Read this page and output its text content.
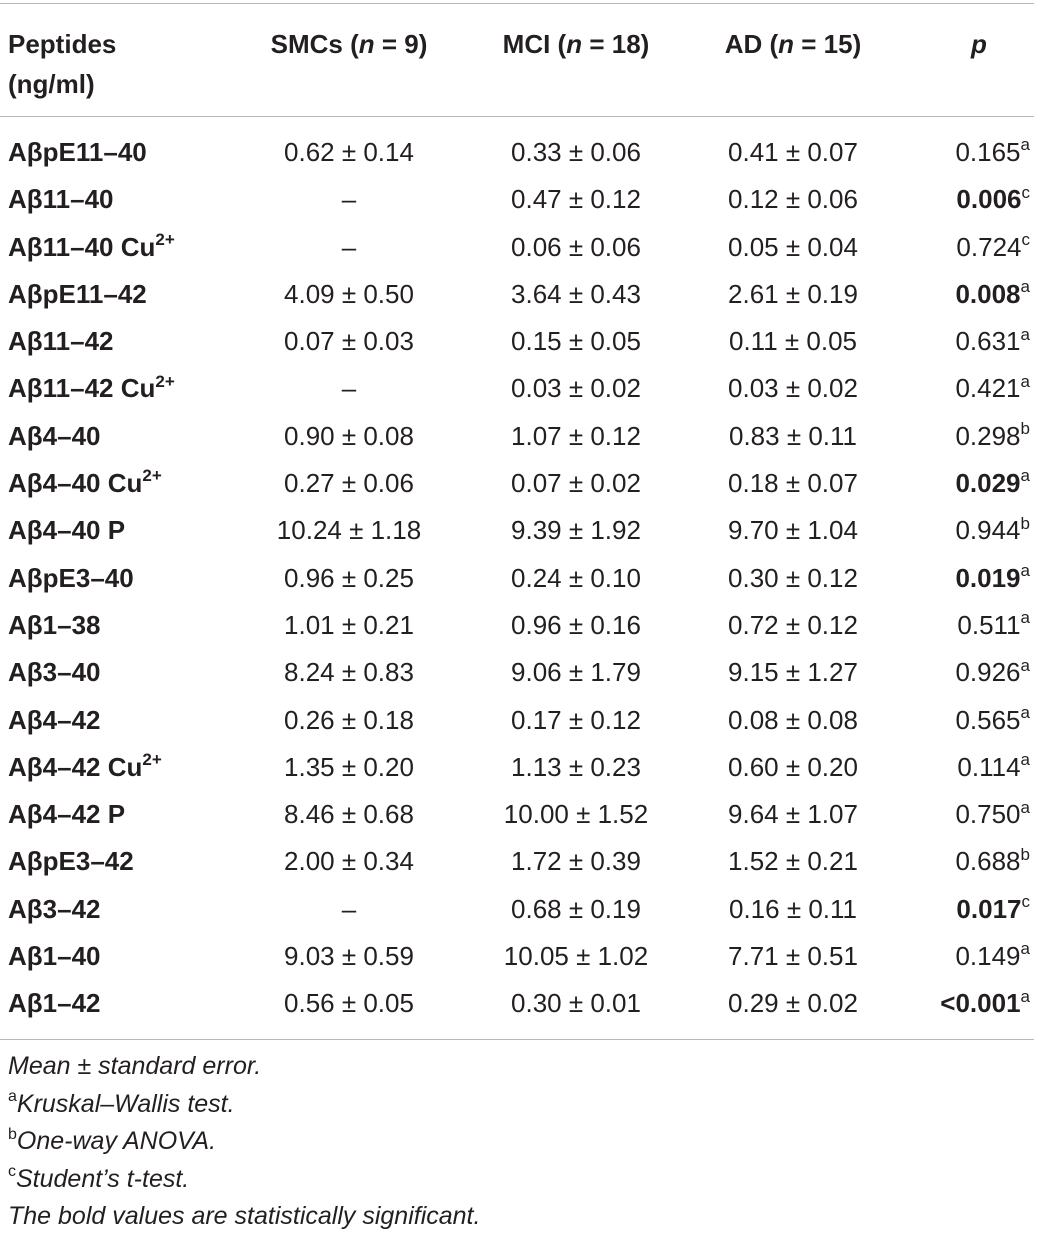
Peptides
(ng/ml)
SMCs (n = 9)	MCI (n = 18)	AD (n = 15)	p
AβpE11–40	0.62 ± 0.14	0.33 ± 0.06	0.41 ± 0.07	0.165$^a$
Aβ11–40	–	0.47 ± 0.12	0.12 ± 0.06	0.006$^c$
Aβ11–40 $Cu^{2+}$	–	0.06 ± 0.06	0.05 ± 0.04	0.724$^c$
AβpE11–42	4.09 ± 0.50	3.64 ± 0.43	2.61 ± 0.19	0.008$^a$
Aβ11–42	0.07 ± 0.03	0.15 ± 0.05	0.11 ± 0.05	0.631$^a$
Aβ11–42 $Cu^{2+}$	–	0.03 ± 0.02	0.03 ± 0.02	0.421$^a$
Aβ4–40	0.90 ± 0.08	1.07 ± 0.12	0.83 ± 0.11	0.298$^b$
Aβ4–40 $Cu^{2+}$	0.27 ± 0.06	0.07 ± 0.02	0.18 ± 0.07	0.029$^a$
Aβ4–40 P	10.24 ± 1.18	9.39 ± 1.92	9.70 ± 1.04	0.944$^b$
AβpE3–40	0.96 ± 0.25	0.24 ± 0.10	0.30 ± 0.12	0.019$^a$
Aβ1–38	1.01 ± 0.21	0.96 ± 0.16	0.72 ± 0.12	0.511$^a$
Aβ3–40	8.24 ± 0.83	9.06 ± 1.79	9.15 ± 1.27	0.926$^a$
Aβ4–42	0.26 ± 0.18	0.17 ± 0.12	0.08 ± 0.08	0.565$^a$
Aβ4–42 $Cu^{2+}$	1.35 ± 0.20	1.13 ± 0.23	0.60 ± 0.20	0.114$^a$
Aβ4–42 P	8.46 ± 0.68	10.00 ± 1.52	9.64 ± 1.07	0.750$^a$
AβpE3–42	2.00 ± 0.34	1.72 ± 0.39	1.52 ± 0.21	0.688$^b$
Aβ3–42	–	0.68 ± 0.19	0.16 ± 0.11	0.017$^c$
Aβ1–40	9.03 ± 0.59	10.05 ± 1.02	7.71 ± 0.51	0.149$^a$
Aβ1–42	0.56 ± 0.05	0.30 ± 0.01	0.29 ± 0.02	<0.001$^a$
Mean ± standard error.
$^a$Kruskal–Wallis test.
$^b$One-way ANOVA.
$^c$Student’s t-test.
The bold values are statistically significant.
